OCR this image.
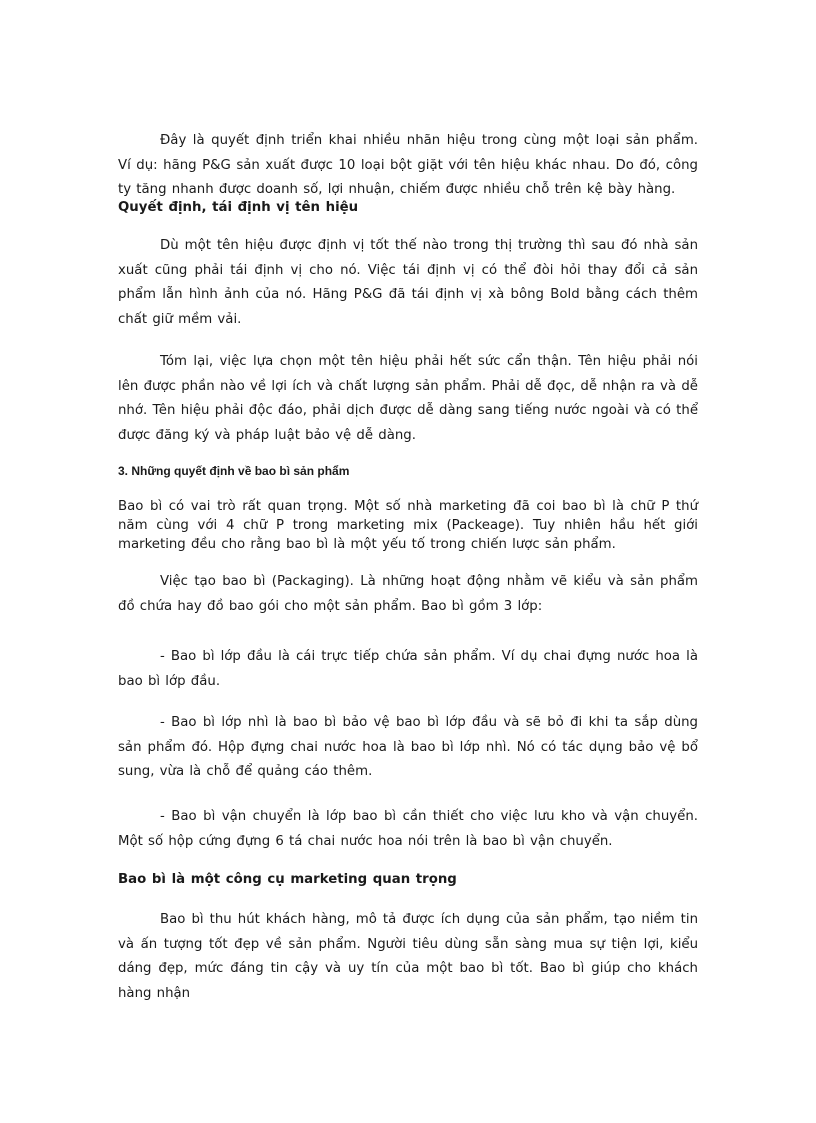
Đây là quyết định triển khai nhiều nhãn hiệu trong cùng một loại sản phẩm. Ví dụ: hãng P&G sản xuất được 10 loại bột giặt với tên hiệu khác nhau. Do đó, công ty tăng nhanh được doanh số, lợi nhuận, chiếm được nhiều chỗ trên kệ bày hàng.

Quyết định, tái định vị tên hiệu

Dù một tên hiệu được định vị tốt thế nào trong thị trường thì sau đó nhà sản xuất cũng phải tái định vị cho nó. Việc tái định vị có thể đòi hỏi thay đổi cả sản phẩm lẫn hình ảnh của nó. Hãng P&G đã tái định vị xà bông Bold bằng cách thêm chất giữ mềm vải.

Tóm lại, việc lựa chọn một tên hiệu phải hết sức cẩn thận. Tên hiệu phải nói lên được phần nào về lợi ích và chất lượng sản phẩm. Phải dễ đọc, dễ nhận ra và dễ nhớ. Tên hiệu phải độc đáo, phải dịch được dễ dàng sang tiếng nước ngoài và có thể được đăng ký và pháp luật bảo vệ dễ dàng.

3. Những quyết định về bao bì sản phẩm

Bao bì có vai trò rất quan trọng. Một số nhà marketing đã coi bao bì là chữ P thứ năm cùng với 4 chữ P trong marketing mix (Packeage). Tuy nhiên hầu hết giới marketing đều cho rằng bao bì là một yếu tố trong chiến lược sản phẩm.

Việc tạo bao bì (Packaging). Là những hoạt động nhằm vẽ kiểu và sản phẩm đồ chứa hay đồ bao gói cho một sản phẩm. Bao bì gồm 3 lớp:

- Bao bì lớp đầu là cái trực tiếp chứa sản phẩm. Ví dụ chai đựng nước hoa là bao bì lớp đầu.

- Bao bì lớp nhì là bao bì bảo vệ bao bì lớp đầu và sẽ bỏ đi khi ta sắp dùng sản phẩm đó. Hộp đựng chai nước hoa là bao bì lớp nhì. Nó có tác dụng bảo vệ bổ sung, vừa là chỗ để quảng cáo thêm.

- Bao bì vận chuyển là lớp bao bì cần thiết cho việc lưu kho và vận chuyển. Một số hộp cứng đựng 6 tá chai nước hoa nói trên là bao bì vận chuyển.

Bao bì là một công cụ marketing quan trọng

Bao bì thu hút khách hàng, mô tả được ích dụng của sản phẩm, tạo niềm tin và ấn tượng tốt đẹp về sản phẩm. Người tiêu dùng sẵn sàng mua sự tiện lợi, kiểu dáng đẹp, mức đáng tin cậy và uy tín của một bao bì tốt. Bao bì giúp cho khách hàng nhận
